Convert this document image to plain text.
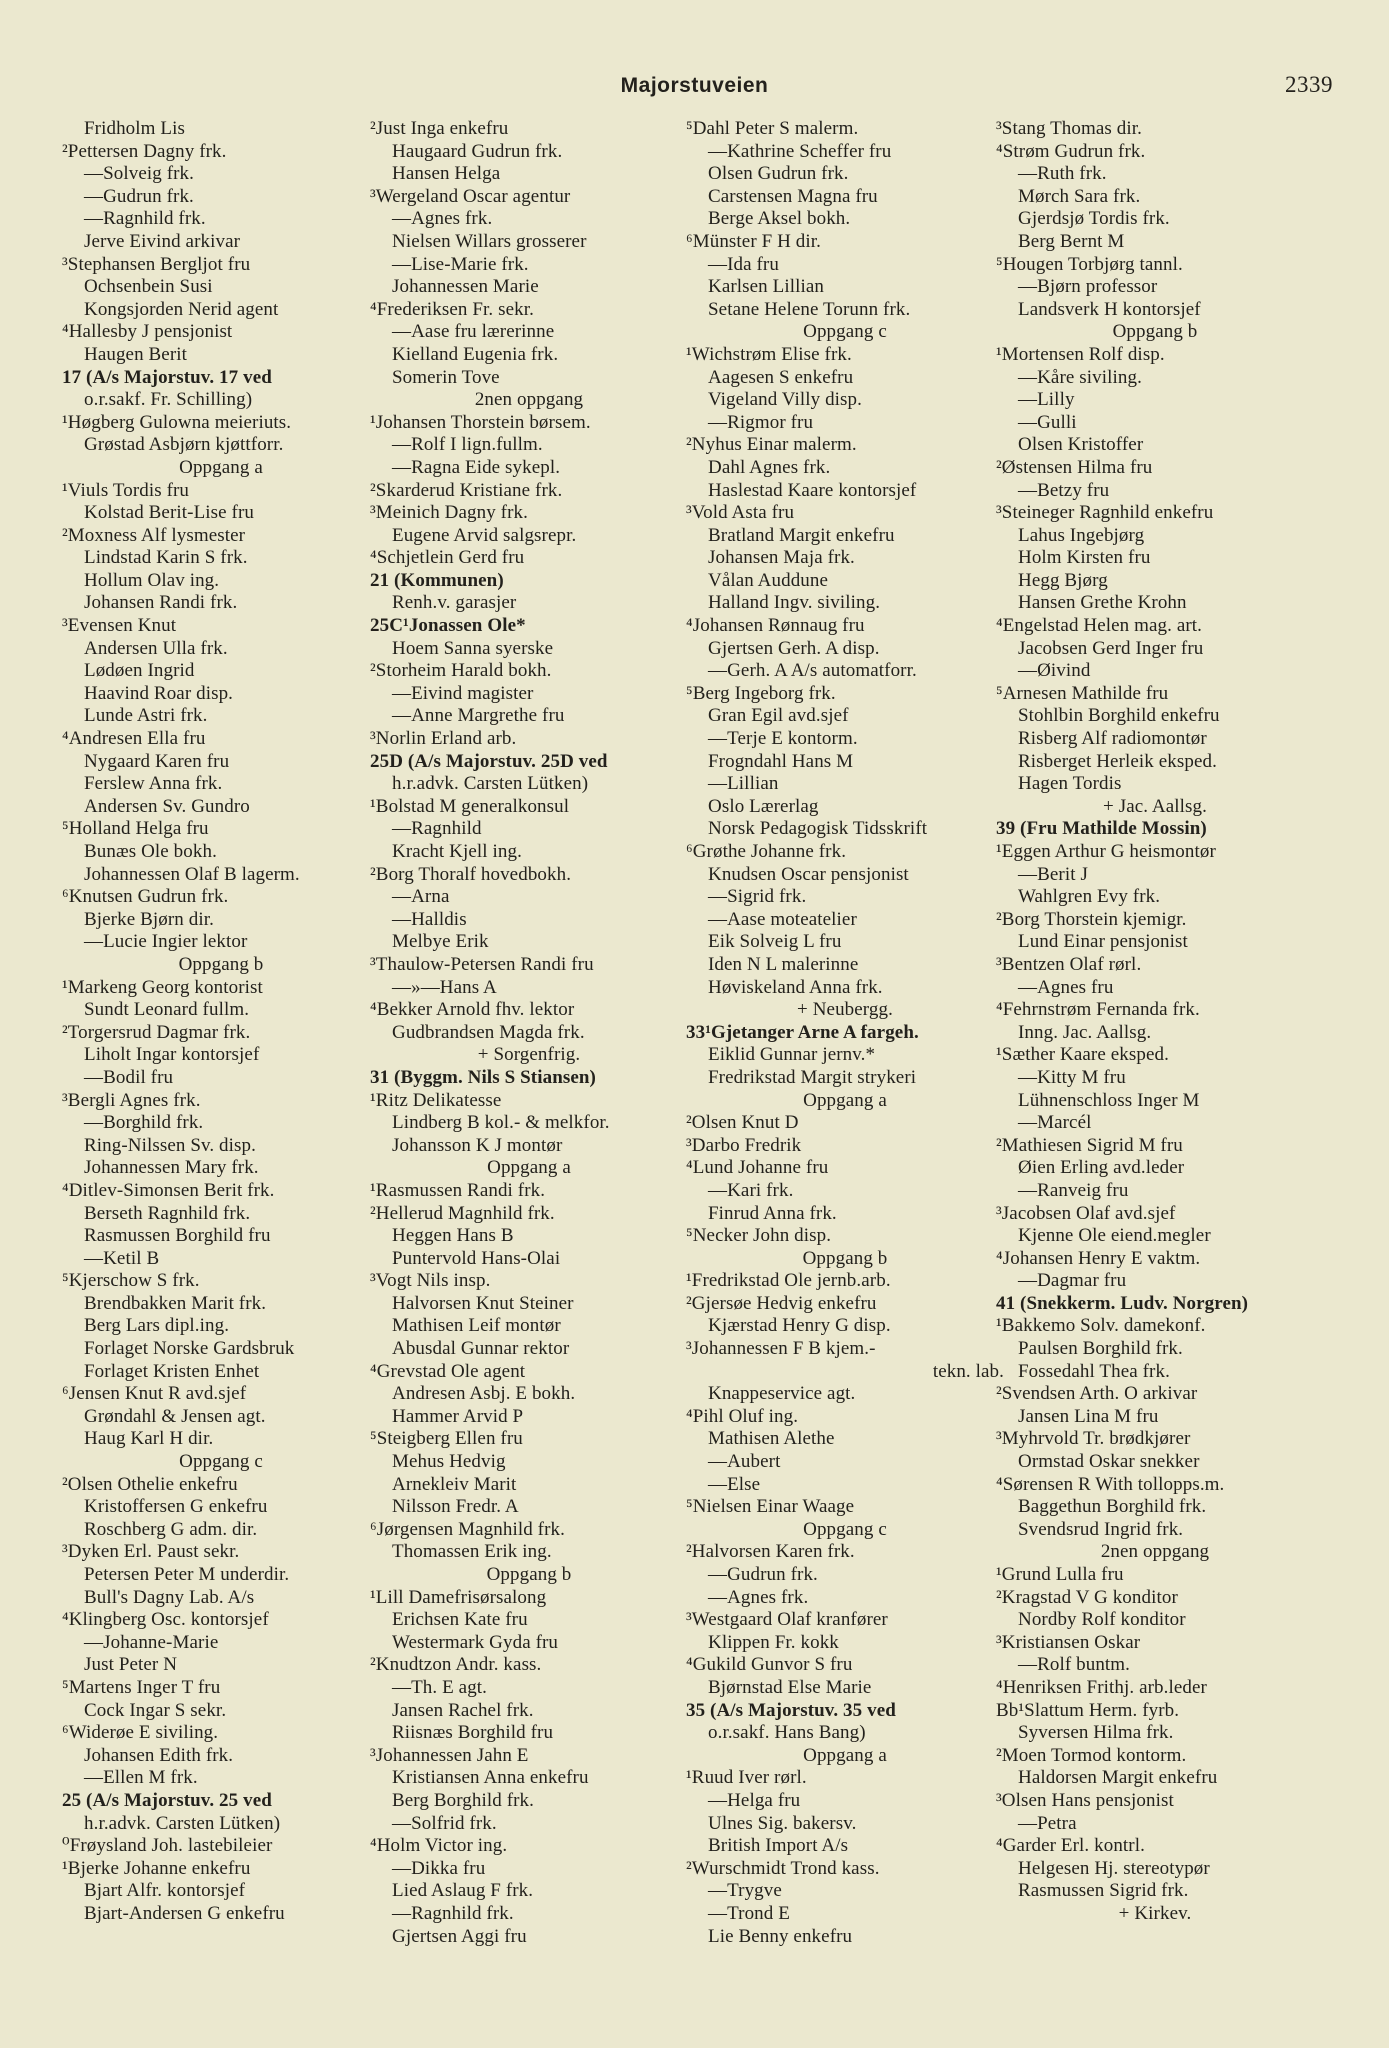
Majorstuveien	2339
Fridholm Lis
²Pettersen Dagny frk.
—Solveig frk.
—Gudrun frk.
—Ragnhild frk.
Jerve Eivind arkivar
³Stephansen Bergljot fru
Ochsenbein Susi
Kongsjorden Nerid agent
⁴Hallesby J pensjonist
Haugen Berit
17 (A/s Majorstuv. 17 ved
o.r.sakf. Fr. Schilling)
¹Høgberg Gulowna meieriuts.
Grøstad Asbjørn kjøttforr.
Oppgang a
¹Viuls Tordis fru
Kolstad Berit-Lise fru
²Moxness Alf lysmester
Lindstad Karin S frk.
Hollum Olav ing.
Johansen Randi frk.
³Evensen Knut
Andersen Ulla frk.
Lødøen Ingrid
Haavind Roar disp.
Lunde Astri frk.
⁴Andresen Ella fru
Nygaard Karen fru
Ferslew Anna frk.
Andersen Sv. Gundro
⁵Holland Helga fru
Bunæs Ole bokh.
Johannessen Olaf B lagerm.
⁶Knutsen Gudrun frk.
Bjerke Bjørn dir.
—Lucie Ingier lektor
Oppgang b
¹Markeng Georg kontorist
Sundt Leonard fullm.
²Torgersrud Dagmar frk.
Liholt Ingar kontorsjef
—Bodil fru
³Bergli Agnes frk.
—Borghild frk.
Ring-Nilssen Sv. disp.
Johannessen Mary frk.
⁴Ditlev-Simonsen Berit frk.
Berseth Ragnhild frk.
Rasmussen Borghild fru
—Ketil B
⁵Kjerschow S frk.
Brendbakken Marit frk.
Berg Lars dipl.ing.
Forlaget Norske Gardsbruk
Forlaget Kristen Enhet
⁶Jensen Knut R avd.sjef
Grøndahl & Jensen agt.
Haug Karl H dir.
Oppgang c
²Olsen Othelie enkefru
Kristoffersen G enkefru
Roschberg G adm. dir.
³Dyken Erl. Paust sekr.
Petersen Peter M underdir.
Bull's Dagny Lab. A/s
⁴Klingberg Osc. kontorsjef
—Johanne-Marie
Just Peter N
⁵Martens Inger T fru
Cock Ingar S sekr.
⁶Widerøe E siviling.
Johansen Edith frk.
—Ellen M frk.
25 (A/s Majorstuv. 25 ved
h.r.advk. Carsten Lütken)
⁰Frøysland Joh. lastebileier
¹Bjerke Johanne enkefru
Bjart Alfr. kontorsjef
Bjart-Andersen G enkefru
²Just Inga enkefru
Haugaard Gudrun frk.
Hansen Helga
³Wergeland Oscar agentur
—Agnes frk.
Nielsen Willars grosserer
—Lise-Marie frk.
Johannessen Marie
⁴Frederiksen Fr. sekr.
—Aase fru lærerinne
Kielland Eugenia frk.
Somerin Tove
2nen oppgang
¹Johansen Thorstein børsem.
—Rolf I lign.fullm.
—Ragna Eide sykepl.
²Skarderud Kristiane frk.
³Meinich Dagny frk.
Eugene Arvid salgsrepr.
⁴Schjetlein Gerd fru
21 (Kommunen)
Renh.v. garasjer
25C¹Jonassen Ole*
Hoem Sanna syerske
²Storheim Harald bokh.
—Eivind magister
—Anne Margrethe fru
³Norlin Erland arb.
25D (A/s Majorstuv. 25D ved
h.r.advk. Carsten Lütken)
¹Bolstad M generalkonsul
—Ragnhild
Kracht Kjell ing.
²Borg Thoralf hovedbokh.
—Arna
—Halldis
Melbye Erik
³Thaulow-Petersen Randi fru
—»—Hans A
⁴Bekker Arnold fhv. lektor
Gudbrandsen Magda frk.
+ Sorgenfrig.
31 (Byggm. Nils S Stiansen)
¹Ritz Delikatesse
Lindberg B kol.- & melkfor.
Johansson K J montør
Oppgang a
¹Rasmussen Randi frk.
²Hellerud Magnhild frk.
Heggen Hans B
Puntervold Hans-Olai
³Vogt Nils insp.
Halvorsen Knut Steiner
Mathisen Leif montør
Abusdal Gunnar rektor
⁴Grevstad Ole agent
Andresen Asbj. E bokh.
Hammer Arvid P
⁵Steigberg Ellen fru
Mehus Hedvig
Arnekleiv Marit
Nilsson Fredr. A
⁶Jørgensen Magnhild frk.
Thomassen Erik ing.
Oppgang b
¹Lill Damefrisørsalong
Erichsen Kate fru
Westermark Gyda fru
²Knudtzon Andr. kass.
—Th. E agt.
Jansen Rachel frk.
Riisnæs Borghild fru
³Johannessen Jahn E
Kristiansen Anna enkefru
Berg Borghild frk.
—Solfrid frk.
⁴Holm Victor ing.
—Dikka fru
Lied Aslaug F frk.
—Ragnhild frk.
Gjertsen Aggi fru
⁵Dahl Peter S malerm.
—Kathrine Scheffer fru
Olsen Gudrun frk.
Carstensen Magna fru
Berge Aksel bokh.
⁶Münster F H dir.
—Ida fru
Karlsen Lillian
Setane Helene Torunn frk.
Oppgang c
¹Wichstrøm Elise frk.
Aagesen S enkefru
Vigeland Villy disp.
—Rigmor fru
²Nyhus Einar malerm.
Dahl Agnes frk.
Haslestad Kaare kontorsjef
³Vold Asta fru
Bratland Margit enkefru
Johansen Maja frk.
Vålan Auddune
Halland Ingv. siviling.
⁴Johansen Rønnaug fru
Gjertsen Gerh. A disp.
—Gerh. A A/s automatforr.
⁵Berg Ingeborg frk.
Gran Egil avd.sjef
—Terje E kontorm.
Frogndahl Hans M
—Lillian
Oslo Lærerlag
Norsk Pedagogisk Tidsskrift
⁶Grøthe Johanne frk.
Knudsen Oscar pensjonist
—Sigrid frk.
—Aase moteatelier
Eik Solveig L fru
Iden N L malerinne
Høviskeland Anna frk.
+ Neubergg.
33¹Gjetanger Arne A fargeh.
Eiklid Gunnar jernv.*
Fredrikstad Margit strykeri
Oppgang a
²Olsen Knut D
³Darbo Fredrik
⁴Lund Johanne fru
—Kari frk.
Finrud Anna frk.
⁵Necker John disp.
Oppgang b
¹Fredrikstad Ole jernb.arb.
²Gjersøe Hedvig enkefru
Kjærstad Henry G disp.
³Johannessen F B kjem.-
tekn. lab.
Knappeservice agt.
⁴Pihl Oluf ing.
Mathisen Alethe
—Aubert
—Else
⁵Nielsen Einar Waage
Oppgang c
²Halvorsen Karen frk.
—Gudrun frk.
—Agnes frk.
³Westgaard Olaf kranfører
Klippen Fr. kokk
⁴Gukild Gunvor S fru
Bjørnstad Else Marie
35 (A/s Majorstuv. 35 ved
o.r.sakf. Hans Bang)
Oppgang a
¹Ruud Iver rørl.
—Helga fru
Ulnes Sig. bakersv.
British Import A/s
²Wurschmidt Trond kass.
—Trygve
—Trond E
Lie Benny enkefru
³Stang Thomas dir.
⁴Strøm Gudrun frk.
—Ruth frk.
Mørch Sara frk.
Gjerdsjø Tordis frk.
Berg Bernt M
⁵Hougen Torbjørg tannl.
—Bjørn professor
Landsverk H kontorsjef
Oppgang b
¹Mortensen Rolf disp.
—Kåre siviling.
—Lilly
—Gulli
Olsen Kristoffer
²Østensen Hilma fru
—Betzy fru
³Steineger Ragnhild enkefru
Lahus Ingebjørg
Holm Kirsten fru
Hegg Bjørg
Hansen Grethe Krohn
⁴Engelstad Helen mag. art.
Jacobsen Gerd Inger fru
—Øivind
⁵Arnesen Mathilde fru
Stohlbin Borghild enkefru
Risberg Alf radiomontør
Risberget Herleik eksped.
Hagen Tordis
+ Jac. Aallsg.
39 (Fru Mathilde Mossin)
¹Eggen Arthur G heismontør
—Berit J
Wahlgren Evy frk.
²Borg Thorstein kjemigr.
Lund Einar pensjonist
³Bentzen Olaf rørl.
—Agnes fru
⁴Fehrnstrøm Fernanda frk.
Inng. Jac. Aallsg.
¹Sæther Kaare eksped.
—Kitty M fru
Lühnenschloss Inger M
—Marcél
²Mathiesen Sigrid M fru
Øien Erling avd.leder
—Ranveig fru
³Jacobsen Olaf avd.sjef
Kjenne Ole eiend.megler
⁴Johansen Henry E vaktm.
—Dagmar fru
41 (Snekkerm. Ludv. Norgren)
¹Bakkemo Solv. damekonf.
Paulsen Borghild frk.
Fossedahl Thea frk.
²Svendsen Arth. O arkivar
Jansen Lina M fru
³Myhrvold Tr. brødkjører
Ormstad Oskar snekker
⁴Sørensen R With tollopps.m.
Baggethun Borghild frk.
Svendsrud Ingrid frk.
2nen oppgang
¹Grund Lulla fru
²Kragstad V G konditor
Nordby Rolf konditor
³Kristiansen Oskar
—Rolf buntm.
⁴Henriksen Frithj. arb.leder
Bb¹Slattum Herm. fyrb.
Syversen Hilma frk.
²Moen Tormod kontorm.
Haldorsen Margit enkefru
³Olsen Hans pensjonist
—Petra
⁴Garder Erl. kontrl.
Helgesen Hj. stereotypør
Rasmussen Sigrid frk.
+ Kirkev.
